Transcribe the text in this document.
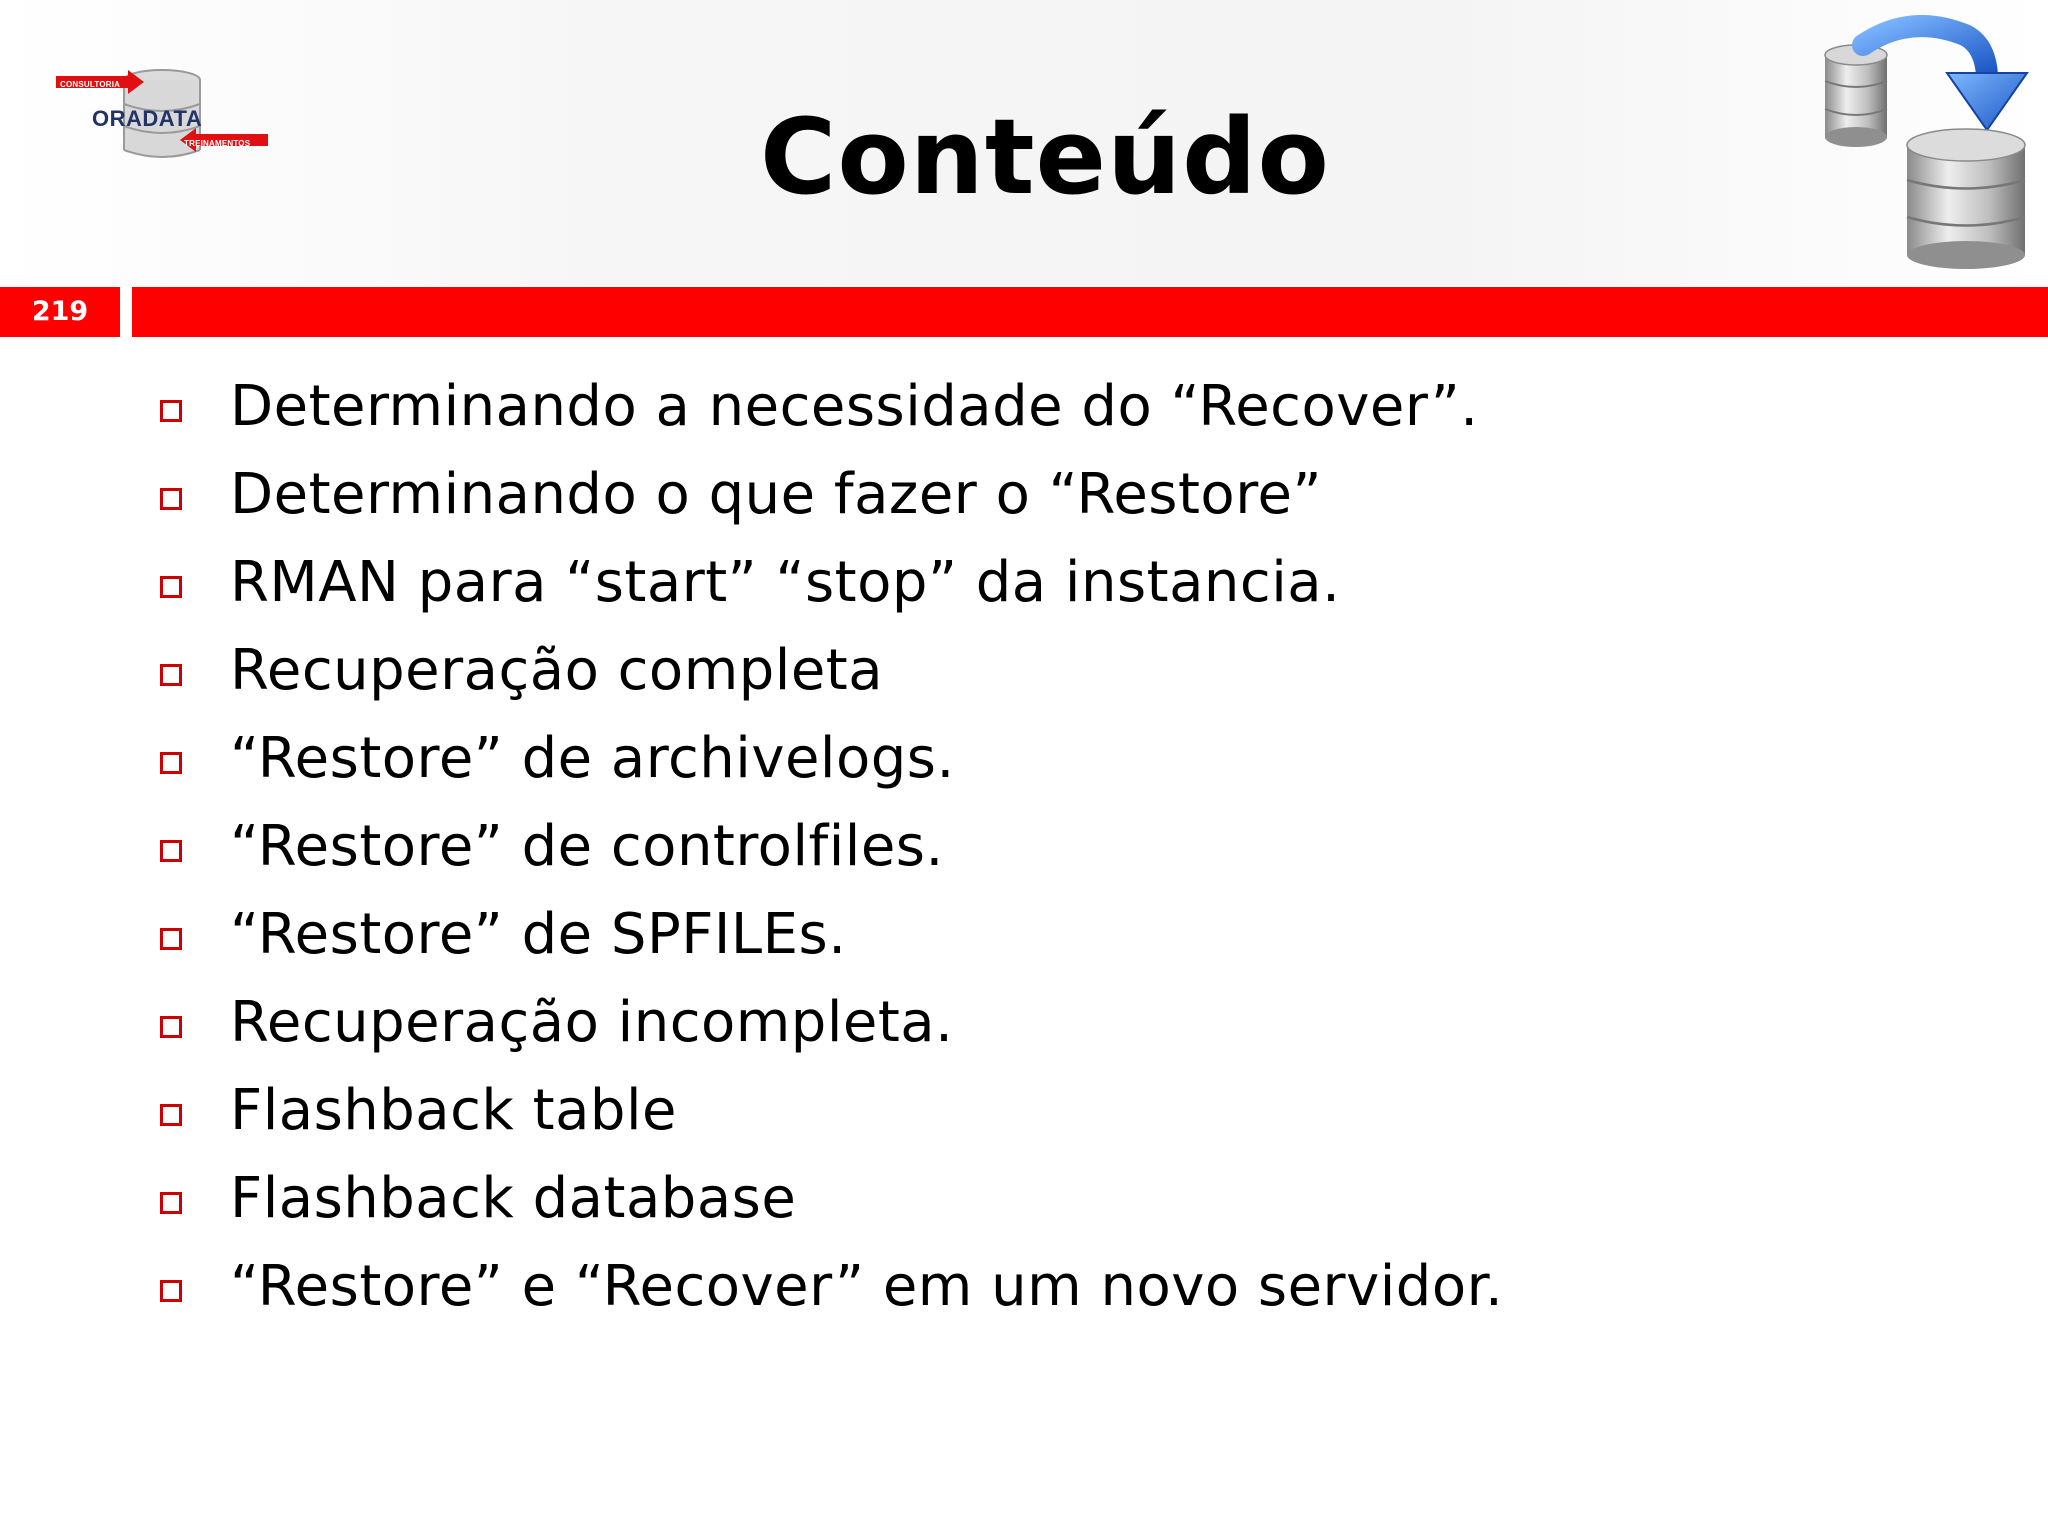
CONSULTORIA
ORADATA
TREINAMENTOS	Conteúdo
219
Determinando a necessidade do “Recover”.
Determinando o que fazer o “Restore”
RMAN para “start” “stop” da instancia.
Recuperação completa
“Restore” de archivelogs.
“Restore” de controlfiles.
“Restore” de SPFILEs.
Recuperação incompleta.
Flashback table
Flashback database
“Restore” e “Recover” em um novo servidor.
